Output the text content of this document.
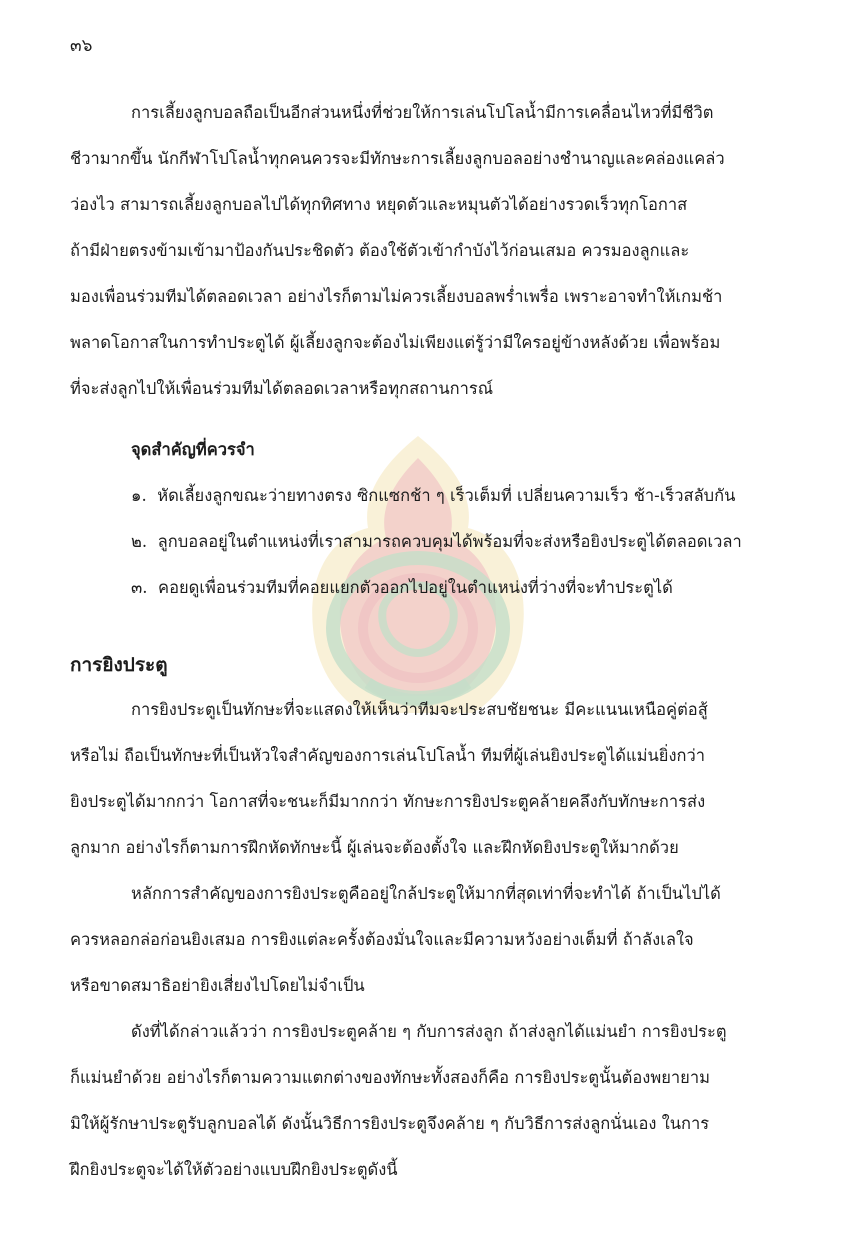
๓๖
การเลี้ยงลูกบอลถือเป็นอีกส่วนหนึ่งที่ช่วยให้การเล่นโปโลน้ำมีการเคลื่อนไหวที่มีชีวิต
ชีวามากขึ้น นักกีฬาโปโลน้ำทุกคนควรจะมีทักษะการเลี้ยงลูกบอลอย่างชำนาญและคล่องแคล่ว
ว่องไว สามารถเลี้ยงลูกบอลไปได้ทุกทิศทาง หยุดตัวและหมุนตัวได้อย่างรวดเร็วทุกโอกาส
ถ้ามีฝ่ายตรงข้ามเข้ามาป้องกันประชิดตัว ต้องใช้ตัวเข้ากำบังไว้ก่อนเสมอ ควรมองลูกและ
มองเพื่อนร่วมทีมได้ตลอดเวลา อย่างไรก็ตามไม่ควรเลี้ยงบอลพร่ำเพรื่อ เพราะอาจทำให้เกมช้า
พลาดโอกาสในการทำประตูได้ ผู้เลี้ยงลูกจะต้องไม่เพียงแต่รู้ว่ามีใครอยู่ข้างหลังด้วย เพื่อพร้อม
ที่จะส่งลูกไปให้เพื่อนร่วมทีมได้ตลอดเวลาหรือทุกสถานการณ์
จุดสำคัญที่ควรจำ
๑. หัดเลี้ยงลูกขณะว่ายทางตรง ซิกแซกช้า ๆ เร็วเต็มที่ เปลี่ยนความเร็ว ช้า-เร็วสลับกัน
๒. ลูกบอลอยู่ในตำแหน่งที่เราสามารถควบคุมได้พร้อมที่จะส่งหรือยิงประตูได้ตลอดเวลา
๓. คอยดูเพื่อนร่วมทีมที่คอยแยกตัวออกไปอยู่ในตำแหน่งที่ว่างที่จะทำประตูได้
การยิงประตู
การยิงประตูเป็นทักษะที่จะแสดงให้เห็นว่าทีมจะประสบชัยชนะ มีคะแนนเหนือคู่ต่อสู้
หรือไม่ ถือเป็นทักษะที่เป็นหัวใจสำคัญของการเล่นโปโลน้ำ ทีมที่ผู้เล่นยิงประตูได้แม่นยิ่งกว่า
ยิงประตูได้มากกว่า โอกาสที่จะชนะก็มีมากกว่า ทักษะการยิงประตูคล้ายคลึงกับทักษะการส่ง
ลูกมาก อย่างไรก็ตามการฝึกหัดทักษะนี้ ผู้เล่นจะต้องตั้งใจ และฝึกหัดยิงประตูให้มากด้วย
หลักการสำคัญของการยิงประตูคืออยู่ใกล้ประตูให้มากที่สุดเท่าที่จะทำได้ ถ้าเป็นไปได้
ควรหลอกล่อก่อนยิงเสมอ การยิงแต่ละครั้งต้องมั่นใจและมีความหวังอย่างเต็มที่ ถ้าลังเลใจ
หรือขาดสมาธิอย่ายิงเสี่ยงไปโดยไม่จำเป็น
ดังที่ได้กล่าวแล้วว่า การยิงประตูคล้าย ๆ กับการส่งลูก ถ้าส่งลูกได้แม่นยำ การยิงประตู
ก็แม่นยำด้วย อย่างไรก็ตามความแตกต่างของทักษะทั้งสองก็คือ การยิงประตูนั้นต้องพยายาม
มิให้ผู้รักษาประตูรับลูกบอลได้ ดังนั้นวิธีการยิงประตูจึงคล้าย ๆ กับวิธีการส่งลูกนั่นเอง ในการ
ฝึกยิงประตูจะได้ให้ตัวอย่างแบบฝึกยิงประตูดังนี้
